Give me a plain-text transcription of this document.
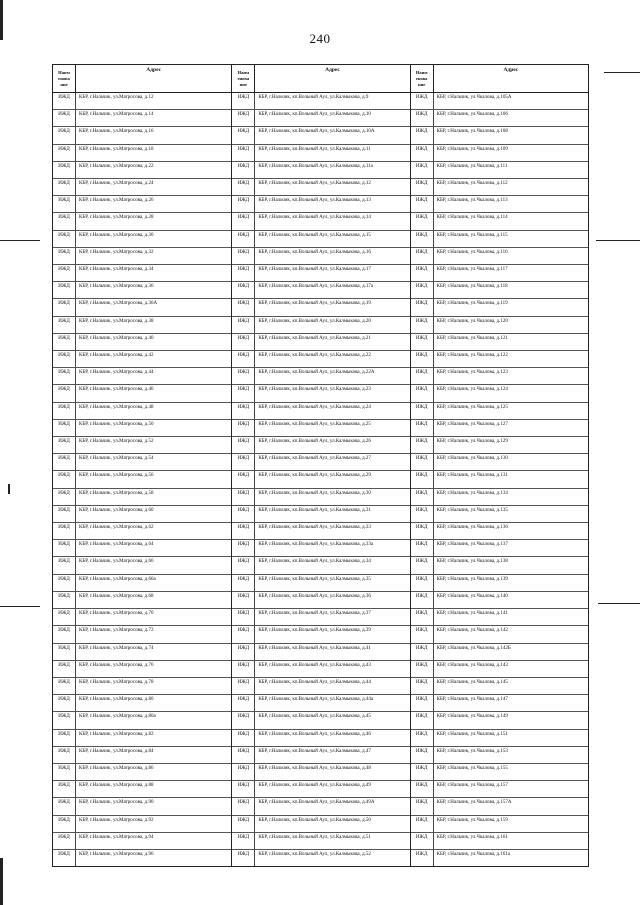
240
Наим енова ние
Адрес
ИЖД	КБР, г.Нальчик, ул.Матросова, д.12
ИЖД	КБР, г.Нальчик, ул.Матросова, д.14
ИЖД	КБР, г.Нальчик, ул.Матросова, д.16
ИЖД	КБР, г.Нальчик, ул.Матросова, д.18
ИЖД	КБР, г.Нальчик, ул.Матросова, д.22
ИЖД	КБР, г.Нальчик, ул.Матросова, д.24
ИЖД	КБР, г.Нальчик, ул.Матросова, д.26
ИЖД	КБР, г.Нальчик, ул.Матросова, д.28
ИЖД	КБР, г.Нальчик, ул.Матросова, д.30
ИЖД	КБР, г.Нальчик, ул.Матросова, д.32
ИЖД	КБР, г.Нальчик, ул.Матросова, д.34
ИЖД	КБР, г.Нальчик, ул.Матросова, д.36
ИЖД	КБР, г.Нальчик, ул.Матросова, д.36А
ИЖД	КБР, г.Нальчик, ул.Матросова, д.38
ИЖД	КБР, г.Нальчик, ул.Матросова, д.40
ИЖД	КБР, г.Нальчик, ул.Матросова, д.42
ИЖД	КБР, г.Нальчик, ул.Матросова, д.44
ИЖД	КБР, г.Нальчик, ул.Матросова, д.46
ИЖД	КБР, г.Нальчик, ул.Матросова, д.48
ИЖД	КБР, г.Нальчик, ул.Матросова, д.50
ИЖД	КБР, г.Нальчик, ул.Матросова, д.52
ИЖД	КБР, г.Нальчик, ул.Матросова, д.54
ИЖД	КБР, г.Нальчик, ул.Матросова, д.56
ИЖД	КБР, г.Нальчик, ул.Матросова, д.58
ИЖД	КБР, г.Нальчик, ул.Матросова, д.60
ИЖД	КБР, г.Нальчик, ул.Матросова, д.62
ИЖД	КБР, г.Нальчик, ул.Матросова, д.64
ИЖД	КБР, г.Нальчик, ул.Матросова, д.66
ИЖД	КБР, г.Нальчик, ул.Матросова, д.66а
ИЖД	КБР, г.Нальчик, ул.Матросова, д.68
ИЖД	КБР, г.Нальчик, ул.Матросова, д.70
ИЖД	КБР, г.Нальчик, ул.Матросова, д.72
ИЖД	КБР, г.Нальчик, ул.Матросова, д.74
ИЖД	КБР, г.Нальчик, ул.Матросова, д.76
ИЖД	КБР, г.Нальчик, ул.Матросова, д.78
ИЖД	КБР, г.Нальчик, ул.Матросова, д.80
ИЖД	КБР, г.Нальчик, ул.Матросова, д.80а
ИЖД	КБР, г.Нальчик, ул.Матросова, д.82
ИЖД	КБР, г.Нальчик, ул.Матросова, д.84
ИЖД	КБР, г.Нальчик, ул.Матросова, д.86
ИЖД	КБР, г.Нальчик, ул.Матросова, д.88
ИЖД	КБР, г.Нальчик, ул.Матросова, д.90
ИЖД	КБР, г.Нальчик, ул.Матросова, д.92
ИЖД	КБР, г.Нальчик, ул.Матросова, д.94
ИЖД	КБР, г.Нальчик, ул.Матросова, д.96
Наим енова ние
Адрес
ИЖД	КБР, г.Нальчик, кп.Вольный Аул, ул.Калмыкова, д.9
ИЖД	КБР, г.Нальчик, кп.Вольный Аул, ул.Калмыкова, д.10
ИЖД	КБР, г.Нальчик, кп.Вольный Аул, ул.Калмыкова, д.10А
ИЖД	КБР, г.Нальчик, кп.Вольный Аул, ул.Калмыкова, д.11
ИЖД	КБР, г.Нальчик, кп.Вольный Аул, ул.Калмыкова, д.11а
ИЖД	КБР, г.Нальчик, кп.Вольный Аул, ул.Калмыкова, д.12
ИЖД	КБР, г.Нальчик, кп.Вольный Аул, ул.Калмыкова, д.13
ИЖД	КБР, г.Нальчик, кп.Вольный Аул, ул.Калмыкова, д.14
ИЖД	КБР, г.Нальчик, кп.Вольный Аул, ул.Калмыкова, д.15
ИЖД	КБР, г.Нальчик, кп.Вольный Аул, ул.Калмыкова, д.16
ИЖД	КБР, г.Нальчик, кп.Вольный Аул, ул.Калмыкова, д.17
ИЖД	КБР, г.Нальчик, кп.Вольный Аул, ул.Калмыкова, д.17а
ИЖД	КБР, г.Нальчик, кп.Вольный Аул, ул.Калмыкова, д.19
ИЖД	КБР, г.Нальчик, кп.Вольный Аул, ул.Калмыкова, д.20
ИЖД	КБР, г.Нальчик, кп.Вольный Аул, ул.Калмыкова, д.21
ИЖД	КБР, г.Нальчик, кп.Вольный Аул, ул.Калмыкова, д.22
ИЖД	КБР, г.Нальчик, кп.Вольный Аул, ул.Калмыкова, д.22А
ИЖД	КБР, г.Нальчик, кп.Вольный Аул, ул.Калмыкова, д.23
ИЖД	КБР, г.Нальчик, кп.Вольный Аул, ул.Калмыкова, д.24
ИЖД	КБР, г.Нальчик, кп.Вольный Аул, ул.Калмыкова, д.25
ИЖД	КБР, г.Нальчик, кп.Вольный Аул, ул.Калмыкова, д.26
ИЖД	КБР, г.Нальчик, кп.Вольный Аул, ул.Калмыкова, д.27
ИЖД	КБР, г.Нальчик, кп.Вольный Аул, ул.Калмыкова, д.29
ИЖД	КБР, г.Нальчик, кп.Вольный Аул, ул.Калмыкова, д.30
ИЖД	КБР, г.Нальчик, кп.Вольный Аул, ул.Калмыкова, д.31
ИЖД	КБР, г.Нальчик, кп.Вольный Аул, ул.Калмыкова, д.33
ИЖД	КБР, г.Нальчик, кп.Вольный Аул, ул.Калмыкова, д.33а
ИЖД	КБР, г.Нальчик, кп.Вольный Аул, ул.Калмыкова, д.34
ИЖД	КБР, г.Нальчик, кп.Вольный Аул, ул.Калмыкова, д.35
ИЖД	КБР, г.Нальчик, кп.Вольный Аул, ул.Калмыкова, д.36
ИЖД	КБР, г.Нальчик, кп.Вольный Аул, ул.Калмыкова, д.37
ИЖД	КБР, г.Нальчик, кп.Вольный Аул, ул.Калмыкова, д.39
ИЖД	КБР, г.Нальчик, кп.Вольный Аул, ул.Калмыкова, д.41
ИЖД	КБР, г.Нальчик, кп.Вольный Аул, ул.Калмыкова, д.43
ИЖД	КБР, г.Нальчик, кп.Вольный Аул, ул.Калмыкова, д.44
ИЖД	КБР, г.Нальчик, кп.Вольный Аул, ул.Калмыкова, д.44а
ИЖД	КБР, г.Нальчик, кп.Вольный Аул, ул.Калмыкова, д.45
ИЖД	КБР, г.Нальчик, кп.Вольный Аул, ул.Калмыкова, д.46
ИЖД	КБР, г.Нальчик, кп.Вольный Аул, ул.Калмыкова, д.47
ИЖД	КБР, г.Нальчик, кп.Вольный Аул, ул.Калмыкова, д.48
ИЖД	КБР, г.Нальчик, кп.Вольный Аул, ул.Калмыкова, д.49
ИЖД	КБР, г.Нальчик, кп.Вольный Аул, ул.Калмыкова, д.49А
ИЖД	КБР, г.Нальчик, кп.Вольный Аул, ул.Калмыкова, д.50
ИЖД	КБР, г.Нальчик, кп.Вольный Аул, ул.Калмыкова, д.51
ИЖД	КБР, г.Нальчик, кп.Вольный Аул, ул.Калмыкова, д.52
Наим енова ние
Адрес
ИЖД	КБР, г.Нальчик, ул.Чкалова, д.105А
ИЖД	КБР, г.Нальчик, ул.Чкалова, д.106
ИЖД	КБР, г.Нальчик, ул.Чкалова, д.108
ИЖД	КБР, г.Нальчик, ул.Чкалова, д.109
ИЖД	КБР, г.Нальчик, ул.Чкалова, д.111
ИЖД	КБР, г.Нальчик, ул.Чкалова, д.112
ИЖД	КБР, г.Нальчик, ул.Чкалова, д.113
ИЖД	КБР, г.Нальчик, ул.Чкалова, д.114
ИЖД	КБР, г.Нальчик, ул.Чкалова, д.115
ИЖД	КБР, г.Нальчик, ул.Чкалова, д.116
ИЖД	КБР, г.Нальчик, ул.Чкалова, д.117
ИЖД	КБР, г.Нальчик, ул.Чкалова, д.118
ИЖД	КБР, г.Нальчик, ул.Чкалова, д.119
ИЖД	КБР, г.Нальчик, ул.Чкалова, д.120
ИЖД	КБР, г.Нальчик, ул.Чкалова, д.121
ИЖД	КБР, г.Нальчик, ул.Чкалова, д.122
ИЖД	КБР, г.Нальчик, ул.Чкалова, д.123
ИЖД	КБР, г.Нальчик, ул.Чкалова, д.124
ИЖД	КБР, г.Нальчик, ул.Чкалова, д.125
ИЖД	КБР, г.Нальчик, ул.Чкалова, д.127
ИЖД	КБР, г.Нальчик, ул.Чкалова, д.129
ИЖД	КБР, г.Нальчик, ул.Чкалова, д.130
ИЖД	КБР, г.Нальчик, ул.Чкалова, д.131
ИЖД	КБР, г.Нальчик, ул.Чкалова, д.134
ИЖД	КБР, г.Нальчик, ул.Чкалова, д.135
ИЖД	КБР, г.Нальчик, ул.Чкалова, д.136
ИЖД	КБР, г.Нальчик, ул.Чкалова, д.137
ИЖД	КБР, г.Нальчик, ул.Чкалова, д.138
ИЖД	КБР, г.Нальчик, ул.Чкалова, д.139
ИЖД	КБР, г.Нальчик, ул.Чкалова, д.140
ИЖД	КБР, г.Нальчик, ул.Чкалова, д.141
ИЖД	КБР, г.Нальчик, ул.Чкалова, д.142
ИЖД	КБР, г.Нальчик, ул.Чкалова, д.142Б
ИЖД	КБР, г.Нальчик, ул.Чкалова, д.143
ИЖД	КБР, г.Нальчик, ул.Чкалова, д.145
ИЖД	КБР, г.Нальчик, ул.Чкалова, д.147
ИЖД	КБР, г.Нальчик, ул.Чкалова, д.149
ИЖД	КБР, г.Нальчик, ул.Чкалова, д.151
ИЖД	КБР, г.Нальчик, ул.Чкалова, д.153
ИЖД	КБР, г.Нальчик, ул.Чкалова, д.155
ИЖД	КБР, г.Нальчик, ул.Чкалова, д.157
ИЖД	КБР, г.Нальчик, ул.Чкалова, д.157А
ИЖД	КБР, г.Нальчик, ул.Чкалова, д.159
ИЖД	КБР, г.Нальчик, ул.Чкалова, д.161
ИЖД	КБР, г.Нальчик, ул.Чкалова, д.161а
